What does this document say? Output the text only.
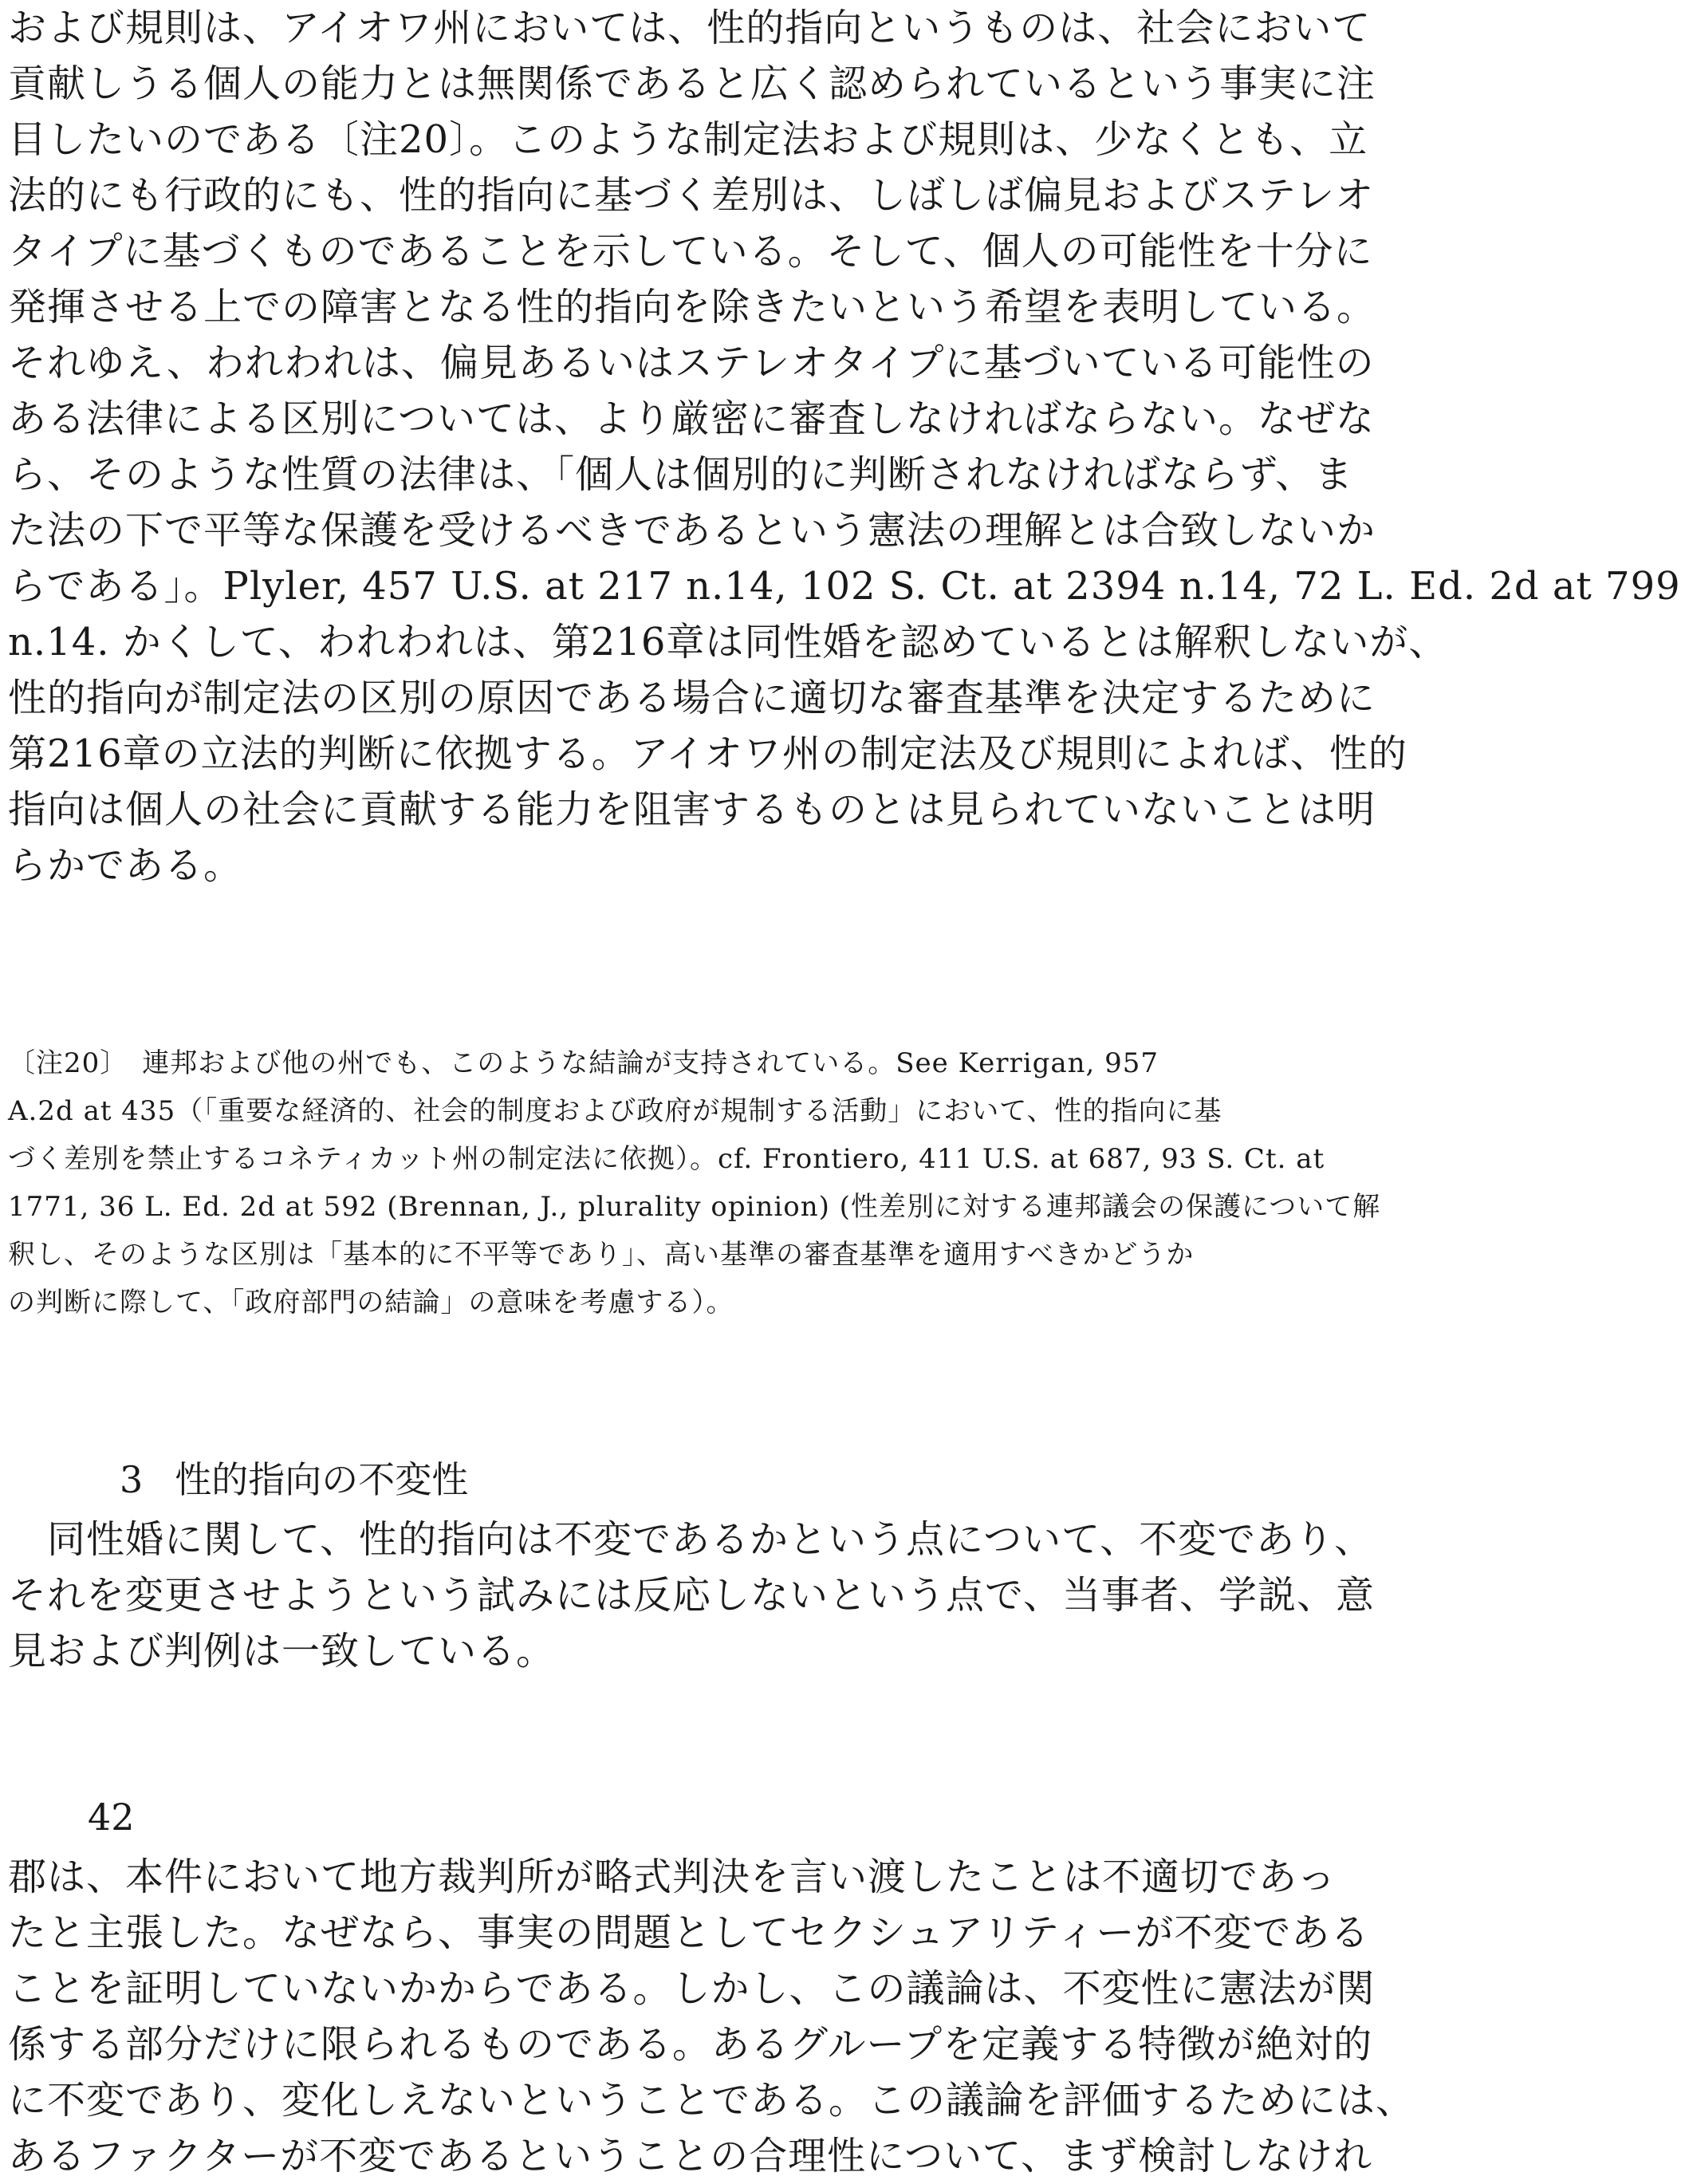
および規則は、アイオワ州においては、性的指向というものは、社会において
貢献しうる個人の能力とは無関係であると広く認められているという事実に注
目したいのである〔注20〕。このような制定法および規則は、少なくとも、立
法的にも行政的にも、性的指向に基づく差別は、しばしば偏見およびステレオ
タイプに基づくものであることを示している。そして、個人の可能性を十分に
発揮させる上での障害となる性的指向を除きたいという希望を表明している。
それゆえ、われわれは、偏見あるいはステレオタイプに基づいている可能性の
ある法律による区別については、より厳密に審査しなければならない。なぜな
ら、そのような性質の法律は、「個人は個別的に判断されなければならず、ま
た法の下で平等な保護を受けるべきであるという憲法の理解とは合致しないか
らである」。Plyler, 457 U.S. at 217 n.14, 102 S. Ct. at 2394 n.14, 72 L. Ed. 2d at 799
n.14. かくして、われわれは、第216章は同性婚を認めているとは解釈しないが、
性的指向が制定法の区別の原因である場合に適切な審査基準を決定するために
第216章の立法的判断に依拠する。アイオワ州の制定法及び規則によれば、性的
指向は個人の社会に貢献する能力を阻害するものとは見られていないことは明
らかである。
〔注20〕　連邦および他の州でも、このような結論が支持されている。See Kerrigan, 957
A.2d at 435（「重要な経済的、社会的制度および政府が規制する活動」において、性的指向に基
づく差別を禁止するコネティカット州の制定法に依拠）。cf. Frontiero, 411 U.S. at 687, 93 S. Ct. at
1771, 36 L. Ed. 2d at 592 (Brennan, J., plurality opinion) (性差別に対する連邦議会の保護について解
釈し、そのような区別は「基本的に不平等であり」、高い基準の審査基準を適用すべきかどうか
の判断に際して、「政府部門の結論」の意味を考慮する）。
3 性的指向の不変性
　同性婚に関して、性的指向は不変であるかという点について、不変であり、
それを変更させようという試みには反応しないという点で、当事者、学説、意
見および判例は一致している。
42
郡は、本件において地方裁判所が略式判決を言い渡したことは不適切であっ
たと主張した。なぜなら、事実の問題としてセクシュアリティーが不変である
ことを証明していないかからである。しかし、この議論は、不変性に憲法が関
係する部分だけに限られるものである。あるグループを定義する特徴が絶対的
に不変であり、変化しえないということである。この議論を評価するためには、
あるファクターが不変であるということの合理性について、まず検討しなけれ
